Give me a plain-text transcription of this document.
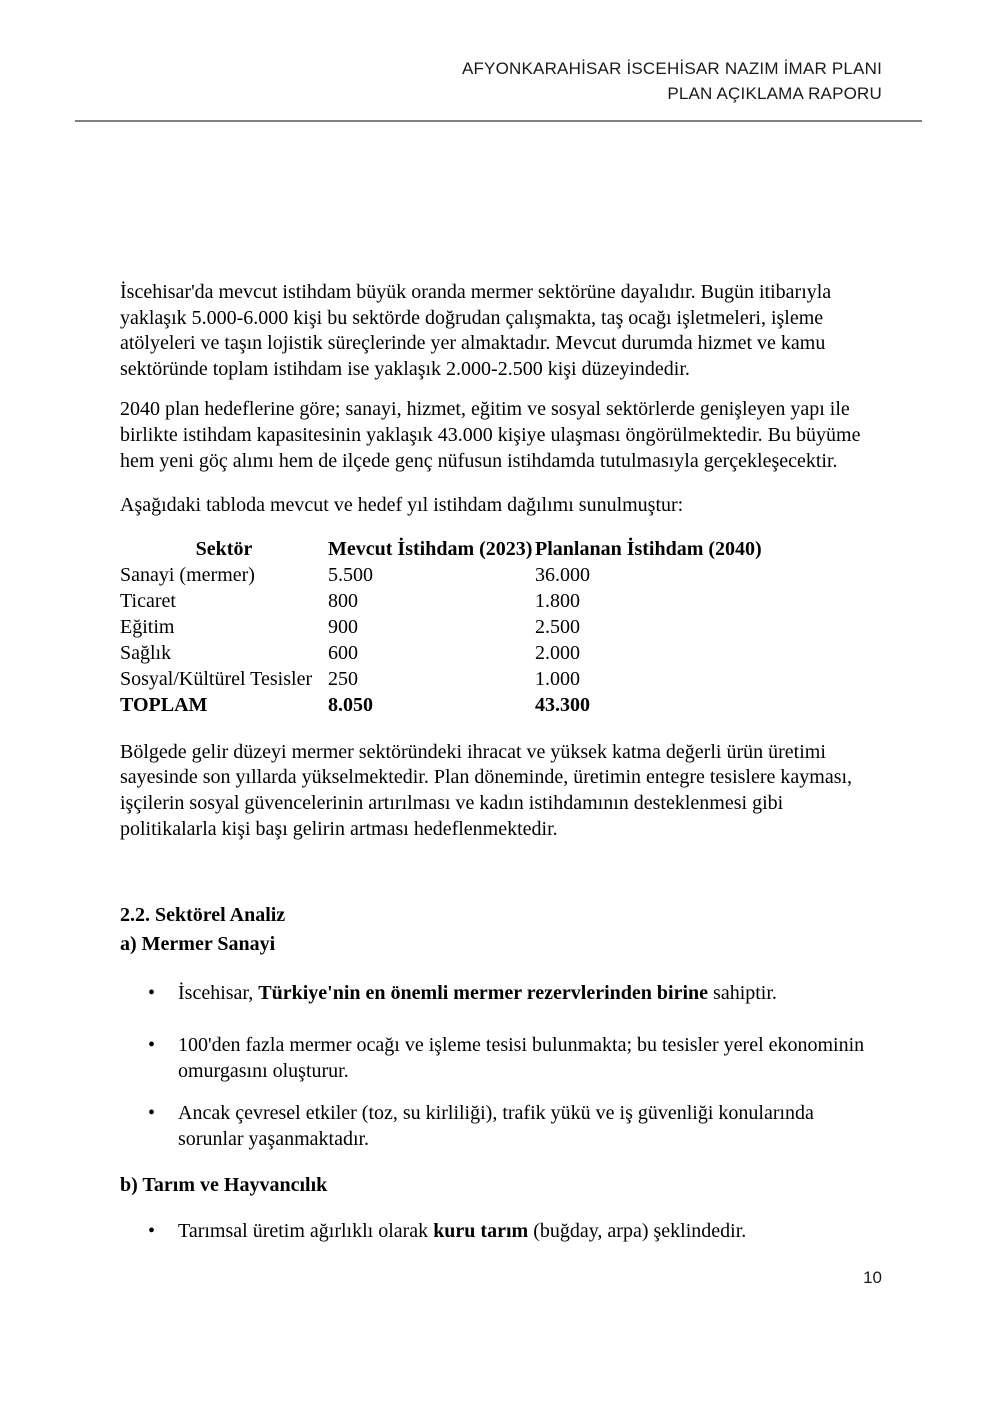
AFYONKARAHİSAR İSCEHİSAR NAZIM İMAR PLANI
PLAN AÇIKLAMA RAPORU

İscehisar'da mevcut istihdam büyük oranda mermer sektörüne dayalıdır. Bugün itibarıyla yaklaşık 5.000-6.000 kişi bu sektörde doğrudan çalışmakta, taş ocağı işletmeleri, işleme atölyeleri ve taşın lojistik süreçlerinde yer almaktadır. Mevcut durumda hizmet ve kamu sektöründe toplam istihdam ise yaklaşık 2.000-2.500 kişi düzeyindedir.

2040 plan hedeflerine göre; sanayi, hizmet, eğitim ve sosyal sektörlerde genişleyen yapı ile birlikte istihdam kapasitesinin yaklaşık 43.000 kişiye ulaşması öngörülmektedir. Bu büyüme hem yeni göç alımı hem de ilçede genç nüfusun istihdamda tutulmasıyla gerçekleşecektir.

Aşağıdaki tabloda mevcut ve hedef yıl istihdam dağılımı sunulmuştur:

Sektör	Mevcut İstihdam (2023)	Planlanan İstihdam (2040)
Sanayi (mermer)	5.500	36.000
Ticaret	800	1.800
Eğitim	900	2.500
Sağlık	600	2.000
Sosyal/Kültürel Tesisler	250	1.000
TOPLAM	8.050	43.300

Bölgede gelir düzeyi mermer sektöründeki ihracat ve yüksek katma değerli ürün üretimi sayesinde son yıllarda yükselmektedir. Plan döneminde, üretimin entegre tesislere kayması, işçilerin sosyal güvencelerinin artırılması ve kadın istihdamının desteklenmesi gibi politikalarla kişi başı gelirin artması hedeflenmektedir.

2.2. Sektörel Analiz
a) Mermer Sanayi
•	İscehisar, Türkiye'nin en önemli mermer rezervlerinden birine sahiptir.
•	100'den fazla mermer ocağı ve işleme tesisi bulunmakta; bu tesisler yerel ekonominin omurgasını oluşturur.
•	Ancak çevresel etkiler (toz, su kirliliği), trafik yükü ve iş güvenliği konularında sorunlar yaşanmaktadır.
b) Tarım ve Hayvancılık
•	Tarımsal üretim ağırlıklı olarak kuru tarım (buğday, arpa) şeklindedir.
10
